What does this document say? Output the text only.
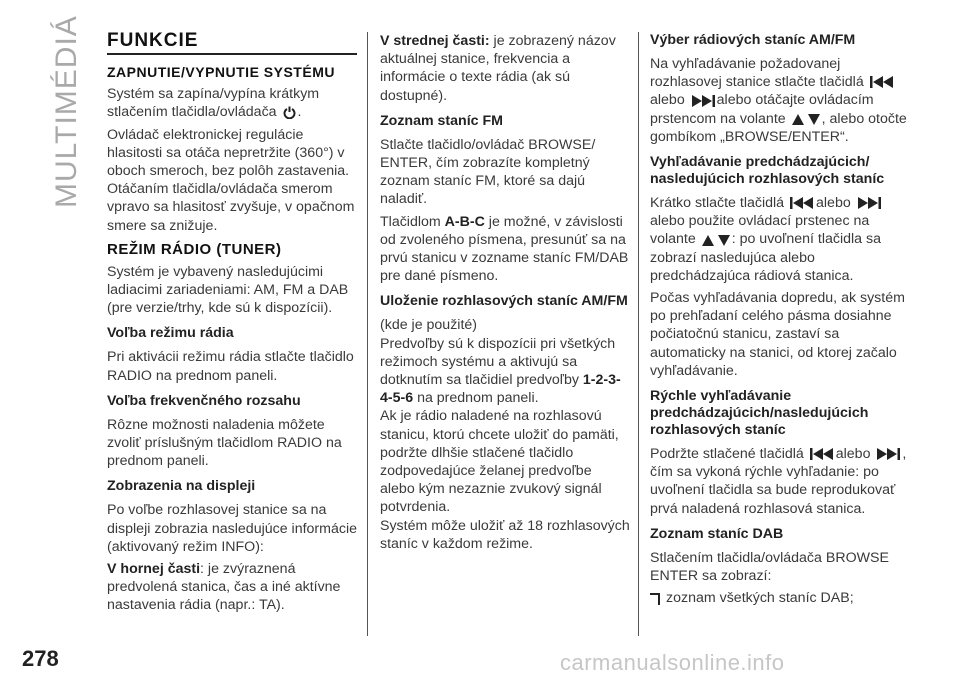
MULTIMÉDIÁ
278	carmanualsonline.info
FUNKCIE
ZAPNUTIE/VYPNUTIE SYSTÉMU

Systém sa zapína/vypína krátkym stlačením tlačidla/ovládača .

Ovládač elektronickej regulácie hlasitosti sa otáča nepretržite (360°) v oboch smeroch, bez polôh zastavenia. Otáčaním tlačidla/ovládača smerom vpravo sa hlasitosť zvyšuje, v opačnom smere sa znižuje.

REŽIM RÁDIO (TUNER)

Systém je vybavený nasledujúcimi ladiacimi zariadeniami: AM, FM a DAB (pre verzie/trhy, kde sú k dispozícii).

Voľba režimu rádia

Pri aktivácii režimu rádia stlačte tlačidlo RADIO na prednom paneli.

Voľba frekvenčného rozsahu

Rôzne možnosti naladenia môžete zvoliť príslušným tlačidlom RADIO na prednom paneli.

Zobrazenia na displeji

Po voľbe rozhlasovej stanice sa na displeji zobrazia nasledujúce informácie (aktivovaný režim INFO):

V hornej časti: je zvýraznená predvolená stanica, čas a iné aktívne nastavenia rádia (napr.: TA).

V strednej časti: je zobrazený názov aktuálnej stanice, frekvencia a informácie o texte rádia (ak sú dostupné).

Zoznam staníc FM

Stlačte tlačidlo/ovládač BROWSE/ ENTER, čím zobrazíte kompletný zoznam staníc FM, ktoré sa dajú naladiť.

Tlačidlom A-B-C je možné, v závislosti od zvoleného písmena, presunúť sa na prvú stanicu v zozname staníc FM/DAB pre dané písmeno.

Uloženie rozhlasových staníc AM/FM

(kde je použité)

Predvoľby sú k dispozícii pri všetkých režimoch systému a aktivujú sa dotknutím sa tlačidiel predvoľby 1-2-3-4-5-6 na prednom paneli.

Ak je rádio naladené na rozhlasovú stanicu, ktorú chcete uložiť do pamäti, podržte dlhšie stlačené tlačidlo zodpovedajúce želanej predvoľbe alebo kým nezaznie zvukový signál potvrdenia.

Systém môže uložiť až 18 rozhlasových staníc v každom režime.

Výber rádiových staníc AM/FM

Na vyhľadávanie požadovanej rozhlasovej stanice stlačte tlačidlá alebo alebo otáčajte ovládacím prstencom na volante	, alebo otočte gombíkom „BROWSE/ENTER“.

Vyhľadávanie predchádzajúcich/ nasledujúcich rozhlasových staníc

Krátko stlačte tlačidlá alebo alebo použite ovládací prstenec na volante	: po uvoľnení tlačidla sa zobrazí nasledujúca alebo predchádzajúca rádiová stanica.

Počas vyhľadávania dopredu, ak systém po prehľadaní celého pásma dosiahne počiatočnú stanicu, zastaví sa automaticky na stanici, od ktorej začalo vyhľadávanie.

Rýchle vyhľadávanie predchádzajúcich/nasledujúcich rozhlasových staníc

Podržte stlačené tlačidlá alebo , čím sa vykoná rýchle vyhľadanie: po uvoľnení tlačidla sa bude reprodukovať prvá naladená rozhlasová stanica.

Zoznam staníc DAB

Stlačením tlačidla/ovládača BROWSE ENTER sa zobrazí:

zoznam všetkých staníc DAB;
